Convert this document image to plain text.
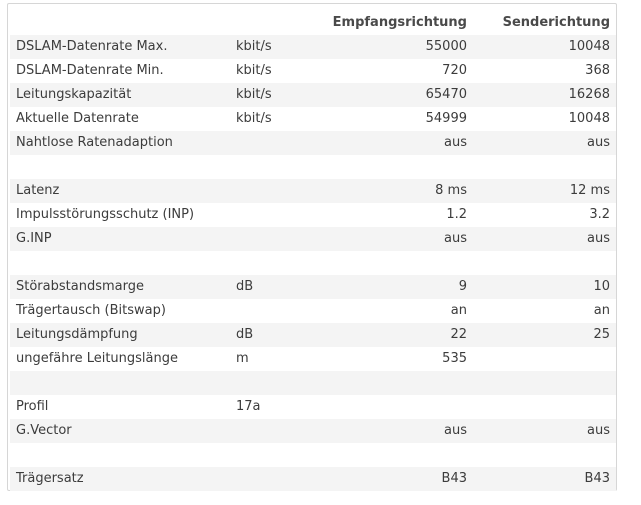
		Empfangsrichtung	Senderichtung
DSLAM-Datenrate Max.	kbit/s	55000	10048
DSLAM-Datenrate Min.	kbit/s	720	368
Leitungskapazität	kbit/s	65470	16268
Aktuelle Datenrate	kbit/s	54999	10048
Nahtlose Ratenadaption		aus	aus

Latenz		8 ms	12 ms
Impulsstörungsschutz (INP)		1.2	3.2
G.INP		aus	aus

Störabstandsmarge	dB	9	10
Trägertausch (Bitswap)		an	an
Leitungsdämpfung	dB	22	25
ungefähre Leitungslänge	m	535	

Profil	17a		
G.Vector		aus	aus

Trägersatz		B43	B43
